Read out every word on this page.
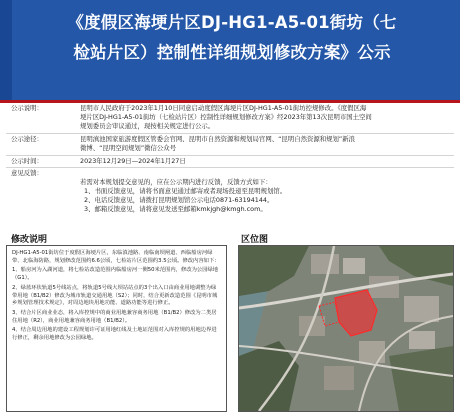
《度假区海埂片区DJ-HG1-A5-01街坊（七
检站片区）控制性详细规划修改方案》公示
公示说明：	昆明市人民政府于2023年1月10日同意启动度假区海埂片区DJ-HG1-A5-01街坊控规修改。《度假区海

埂片区DJ-HG1-A5-01街坊（七检站片区）控制性详细规划修改方案》经2023年第13次昆明市国土空间

规划委员会审议通过，现按相关规定进行公示。

公示途径：	昆明滇池国家旅游度假区管委会官网、昆明市自然资源和规划局官网、“昆明自然资源和规划”新浪

微博、“昆明空间规划”微信公众号

公示时间：	2023年12月29日—2024年1月27日
意见反馈：

若需对本规划提交意见的，应在公示期内进行反馈，反馈方式如下：

1、书面反馈意见，请将书面意见通过邮寄或者现场投递至昆明规划馆。

2、电话反馈意见，请拨打昆明规划馆公示电话0871-63194144。

3、邮箱反馈意见，请将意见发送至邮箱kmkjgh@kmgh.com。

修改说明	区位图

DJ-HG1-A5-01街坊位于度假区海埂片区，东临滇池路、南临南坝闸道、西临船房河绿带、北临海防路，规划修改范围约6.6公顷，七检站片区范围约3.5公顷。修改内容如下：

1、船房河为入湖河道，将七检站改造范围内临船房河一侧50米范围内，修改为公园绿地（G1）。

2、绿蓝环状轨道5号线站点，将轨道5号线大坝站站点的3个出入口由商业用地调整为绿带用地（B1/B2）修改为城市轨道交通用地（S2）；同时，结合更新改造范围《昆明市城乡规划管理技术规定》，对周边地块用地功能、道路功能等进行修正。

3、结合片区商业业态，将入库控规中的商业用地兼容商务用地（B1/B2）修改为二类居住用地（R2），商业用地兼容商务用地（B1/B2）。

4、结合周边用地的建设工程规划许可证用地红线及土地证范围对入库控规的用地边界进行修正，剩余用地修改为公园绿地。
